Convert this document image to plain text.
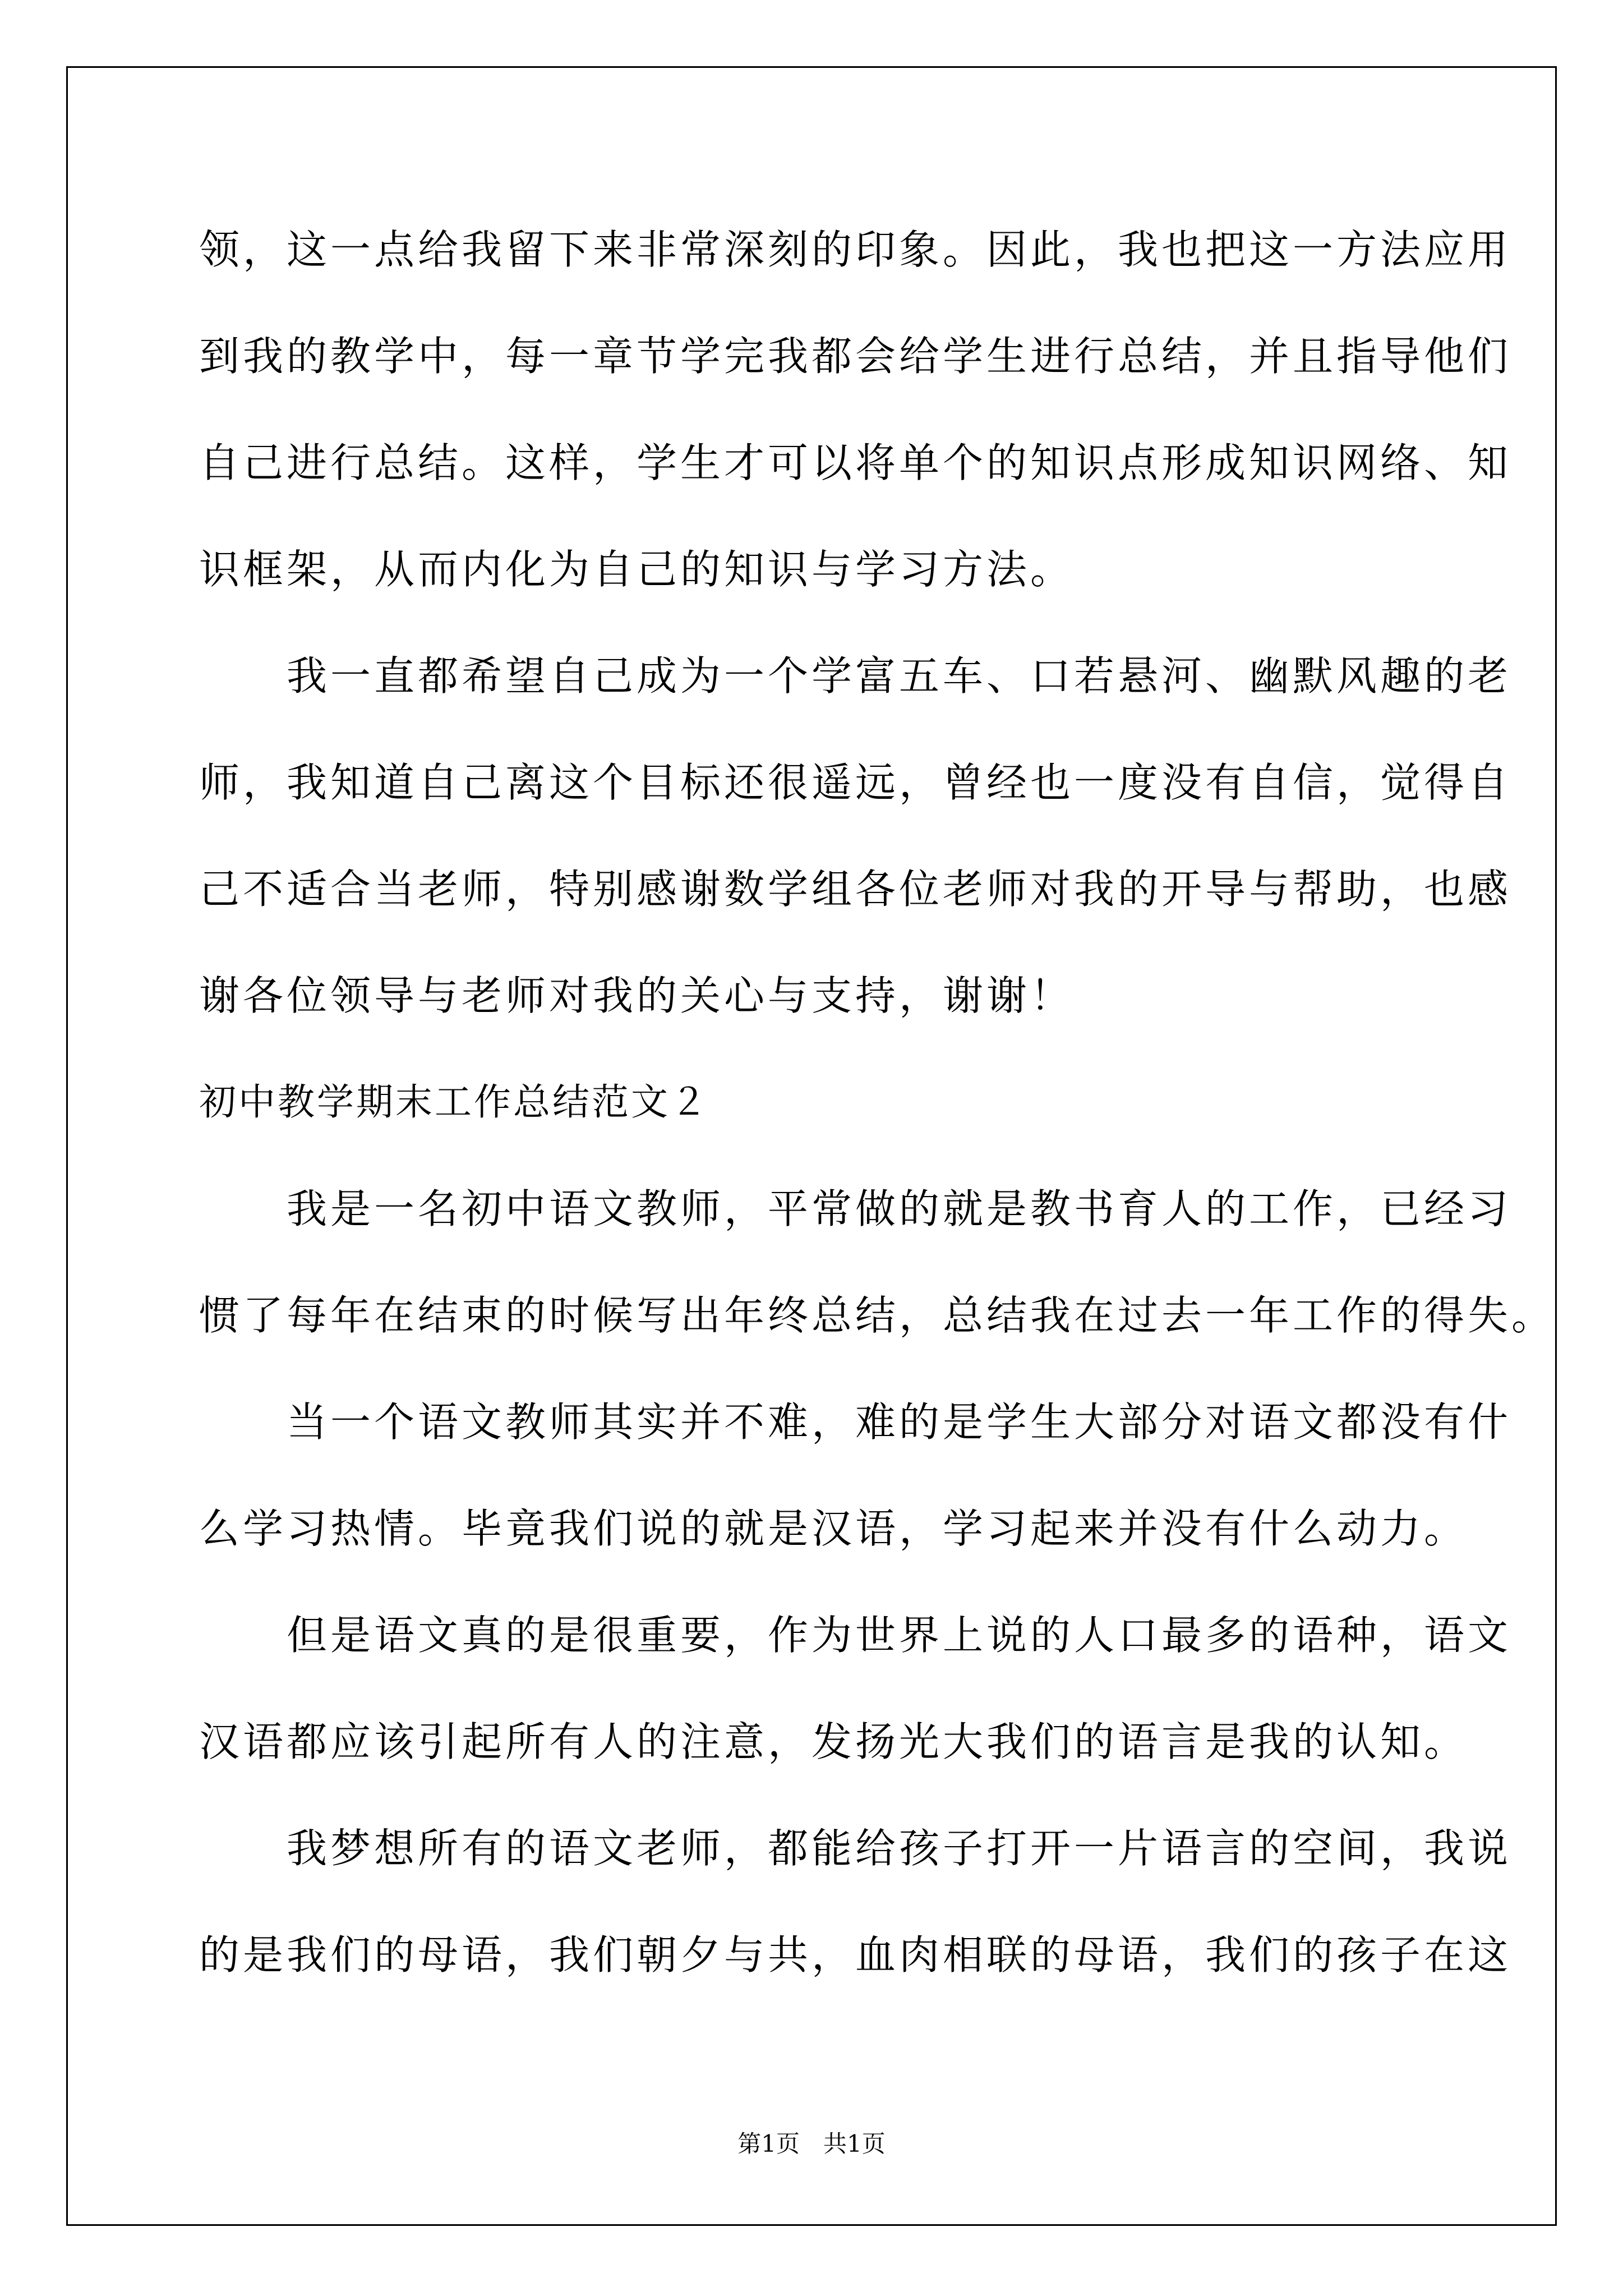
领，这一点给我留下来非常深刻的印象。因此，我也把这一方法应用
到我的教学中，每一章节学完我都会给学生进行总结，并且指导他们
自己进行总结。这样，学生才可以将单个的知识点形成知识网络、知
识框架，从而内化为自己的知识与学习方法。
　　我一直都希望自己成为一个学富五车、口若悬河、幽默风趣的老
师，我知道自己离这个目标还很遥远，曾经也一度没有自信，觉得自
己不适合当老师，特别感谢数学组各位老师对我的开导与帮助，也感
谢各位领导与老师对我的关心与支持，谢谢！
初中教学期末工作总结范文２
　　我是一名初中语文教师，平常做的就是教书育人的工作，已经习
惯了每年在结束的时候写出年终总结，总结我在过去一年工作的得失。
　　当一个语文教师其实并不难，难的是学生大部分对语文都没有什
么学习热情。毕竟我们说的就是汉语，学习起来并没有什么动力。
　　但是语文真的是很重要，作为世界上说的人口最多的语种，语文
汉语都应该引起所有人的注意，发扬光大我们的语言是我的认知。
　　我梦想所有的语文老师，都能给孩子打开一片语言的空间，我说
的是我们的母语，我们朝夕与共，血肉相联的母语，我们的孩子在这
第1页　共1页
